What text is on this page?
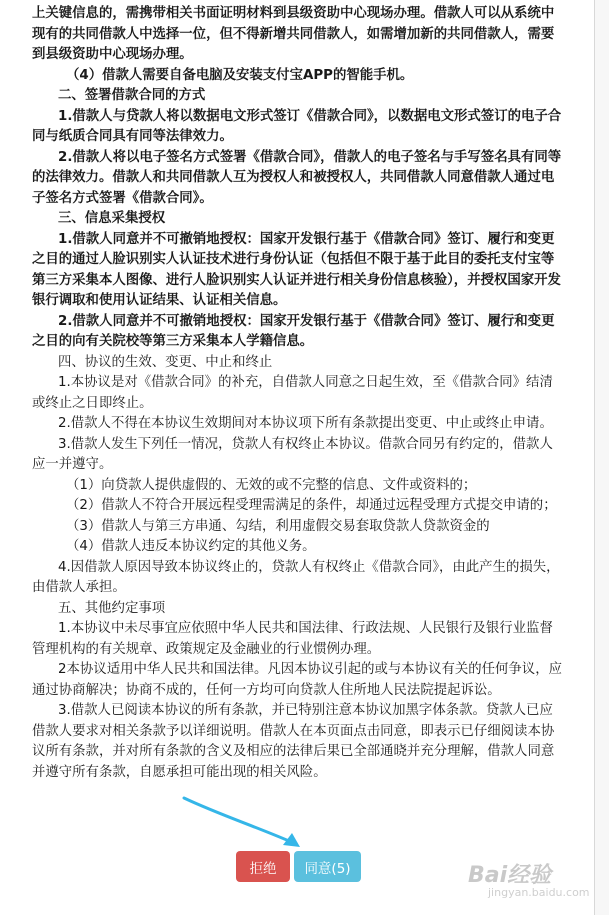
上关键信息的，需携带相关书面证明材料到县级资助中心现场办理。借款人可以从系统中现有的共同借款人中选择一位，但不得新增共同借款人，如需增加新的共同借款人，需要到县级资助中心现场办理。

（4）借款人需要自备电脑及安装支付宝APP的智能手机。

二、签署借款合同的方式

1.借款人与贷款人将以数据电文形式签订《借款合同》，以数据电文形式签订的电子合同与纸质合同具有同等法律效力。

2.借款人将以电子签名方式签署《借款合同》，借款人的电子签名与手写签名具有同等的法律效力。借款人和共同借款人互为授权人和被授权人，共同借款人同意借款人通过电子签名方式签署《借款合同》。

三、信息采集授权

1.借款人同意并不可撤销地授权：国家开发银行基于《借款合同》签订、履行和变更之目的通过人脸识别实人认证技术进行身份认证（包括但不限于基于此目的委托支付宝等第三方采集本人图像、进行人脸识别实人认证并进行相关身份信息核验），并授权国家开发银行调取和使用认证结果、认证相关信息。

2.借款人同意并不可撤销地授权：国家开发银行基于《借款合同》签订、履行和变更之目的向有关院校等第三方采集本人学籍信息。

四、协议的生效、变更、中止和终止

1.本协议是对《借款合同》的补充，自借款人同意之日起生效，至《借款合同》结清或终止之日即终止。

2.借款人不得在本协议生效期间对本协议项下所有条款提出变更、中止或终止申请。

3.借款人发生下列任一情况，贷款人有权终止本协议。借款合同另有约定的，借款人应一并遵守。

（1）向贷款人提供虚假的、无效的或不完整的信息、文件或资料的；

（2）借款人不符合开展远程受理需满足的条件，却通过远程受理方式提交申请的；

（3）借款人与第三方串通、勾结，利用虚假交易套取贷款人贷款资金的

（4）借款人违反本协议约定的其他义务。

4.因借款人原因导致本协议终止的，贷款人有权终止《借款合同》，由此产生的损失，由借款人承担。

五、其他约定事项

1.本协议中未尽事宜应依照中华人民共和国法律、行政法规、人民银行及银行业监督管理机构的有关规章、政策规定及金融业的行业惯例办理。

2本协议适用中华人民共和国法律。凡因本协议引起的或与本协议有关的任何争议，应通过协商解决；协商不成的，任何一方均可向贷款人住所地人民法院提起诉讼。

3.借款人已阅读本协议的所有条款，并已特别注意本协议加黑字体条款。贷款人已应借款人要求对相关条款予以详细说明。借款人在本页面点击同意，即表示已仔细阅读本协议所有条款，并对所有条款的含义及相应的法律后果已全部通晓并充分理解，借款人同意并遵守所有条款，自愿承担可能出现的相关风险。

拒绝	同意(5)	Bai经验
jingyan.baidu.com
